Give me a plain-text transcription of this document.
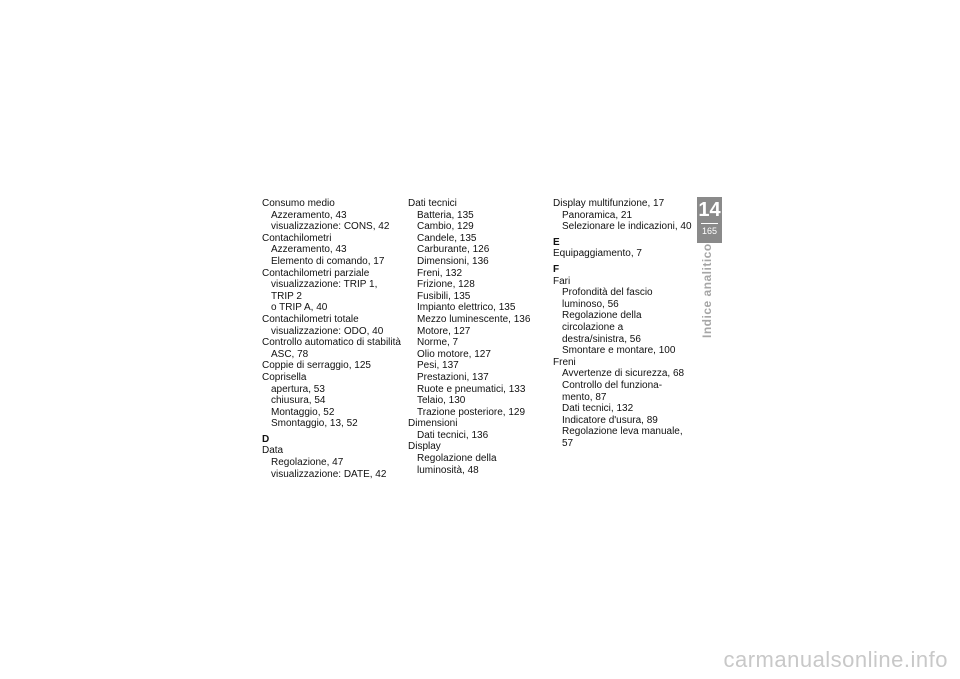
Consumo medio
Azzeramento, 43
visualizzazione: CONS, 42
Contachilometri
Azzeramento, 43
Elemento di comando, 17
Contachilometri parziale
visualizzazione: TRIP 1, TRIP 2
o TRIP A, 40
Contachilometri totale
visualizzazione: ODO, 40
Controllo automatico di stabilità
ASC, 78
Coppie di serraggio, 125
Coprisella
apertura, 53
chiusura, 54
Montaggio, 52
Smontaggio, 13, 52
D
Data
Regolazione, 47
visualizzazione: DATE, 42
Dati tecnici
Batteria, 135
Cambio, 129
Candele, 135
Carburante, 126
Dimensioni, 136
Freni, 132
Frizione, 128
Fusibili, 135
Impianto elettrico, 135
Mezzo luminescente, 136
Motore, 127
Norme, 7
Olio motore, 127
Pesi, 137
Prestazioni, 137
Ruote e pneumatici, 133
Telaio, 130
Trazione posteriore, 129
Dimensioni
Dati tecnici, 136
Display
Regolazione della
luminosità, 48
Display multifunzione, 17
Panoramica, 21
Selezionare le indicazioni, 40
E
Equipaggiamento, 7
F
Fari
Profondità del fascio
luminoso, 56
Regolazione della circolazione a
destra/sinistra, 56
Smontare e montare, 100
Freni
Avvertenze di sicurezza, 68
Controllo del funziona-
mento, 87
Dati tecnici, 132
Indicatore d'usura, 89
Regolazione leva manuale, 57
14
165
Indice analitico
carmanualsonline.info
